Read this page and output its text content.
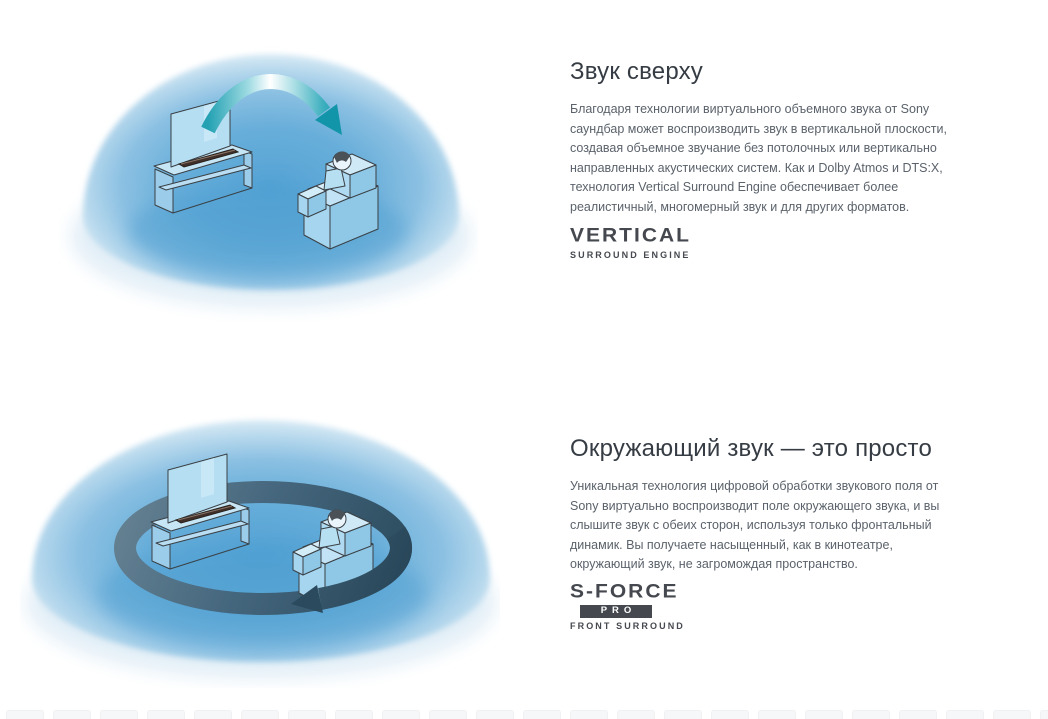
Звук сверху

Благодаря технологии виртуального объемного звука от Sony саундбар может воспроизводить звук в вертикальной плоскости, создавая объемное звучание без потолочных или вертикально направленных акустических систем. Как и Dolby Atmos и DTS:X, технология Vertical Surround Engine обеспечивает более реалистичный, многомерный звук и для других форматов.

VERTICAL
SURROUND ENGINE
Окружающий звук — это просто

Уникальная технология цифровой обработки звукового поля от Sony виртуально воспроизводит поле окружающего звука, и вы слышите звук с обеих сторон, используя только фронтальный динамик. Вы получаете насыщенный, как в кинотеатре, окружающий звук, не загромождая пространство.

S-FORCE
PRO
FRONT SURROUND
